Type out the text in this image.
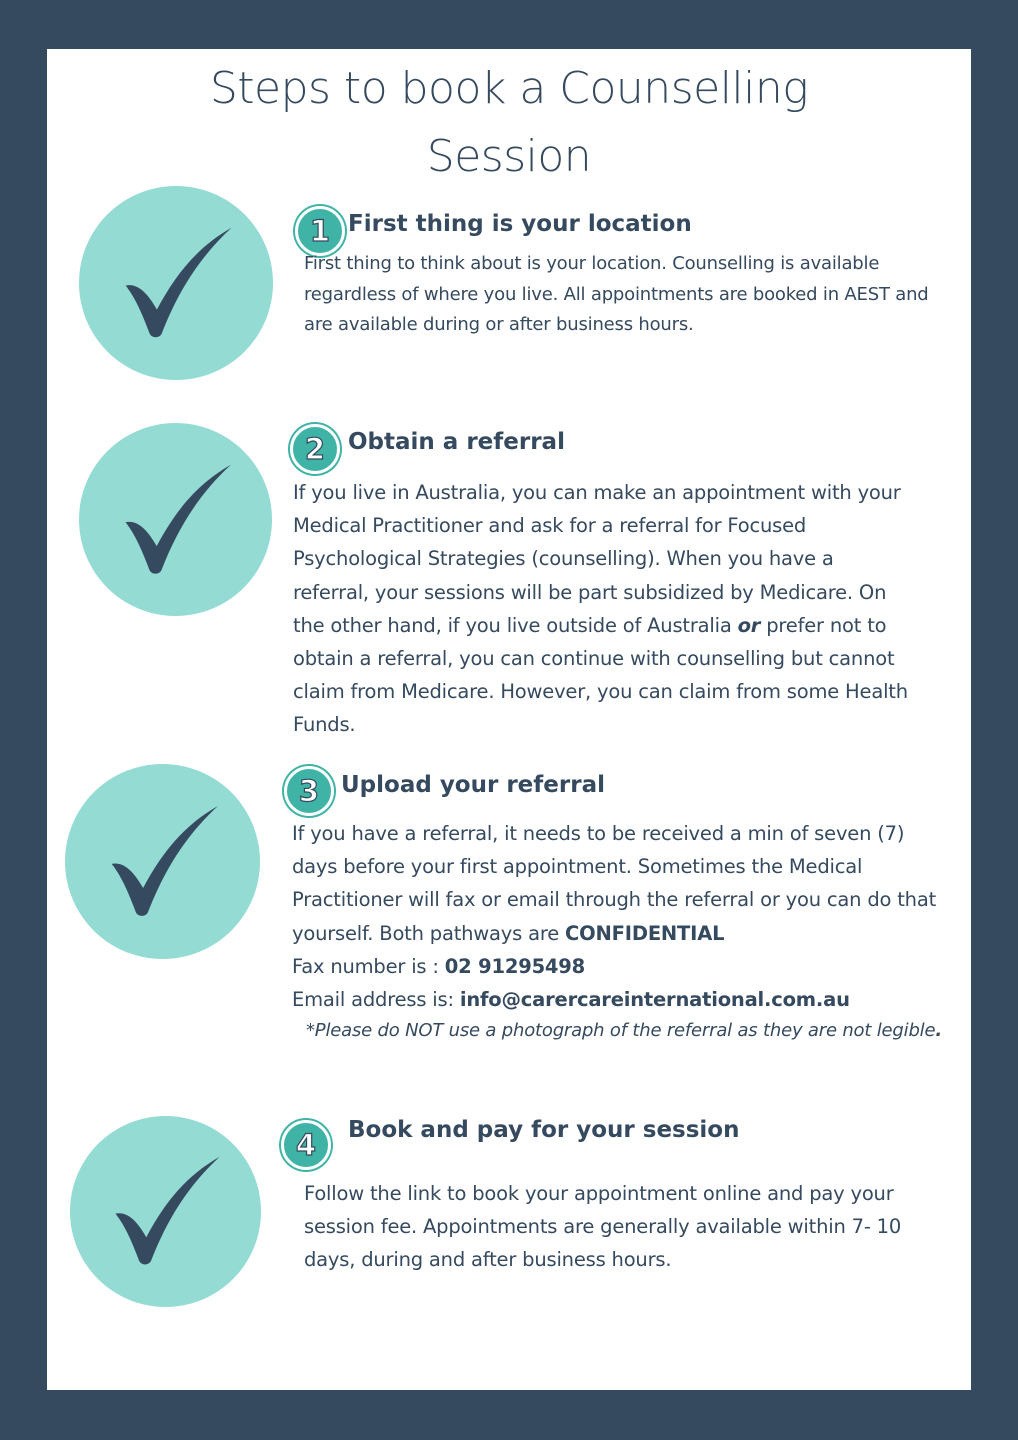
Steps to book a Counselling
Session
1 First thing is your location
First thing to think about is your location. Counselling is available regardless of where you live. All appointments are booked in AEST and are available during or after business hours.
2 Obtain a referral
If you live in Australia, you can make an appointment with your Medical Practitioner and ask for a referral for Focused Psychological Strategies (counselling). When you have a referral, your sessions will be part subsidized by Medicare. On the other hand, if you live outside of Australia or prefer not to obtain a referral, you can continue with counselling but cannot claim from Medicare. However, you can claim from some Health Funds.
3 Upload your referral

If you have a referral, it needs to be received a min of seven (7) days before your first appointment. Sometimes the Medical Practitioner will fax or email through the referral or you can do that yourself. Both pathways are CONFIDENTIAL

Fax number is : 02 91295498

Email address is: info@carercareinternational.com.au

*Please do NOT use a photograph of the referral as they are not legible.

4	Book and pay for your session
Follow the link to book your appointment online and pay your session fee. Appointments are generally available within 7- 10 days, during and after business hours.
